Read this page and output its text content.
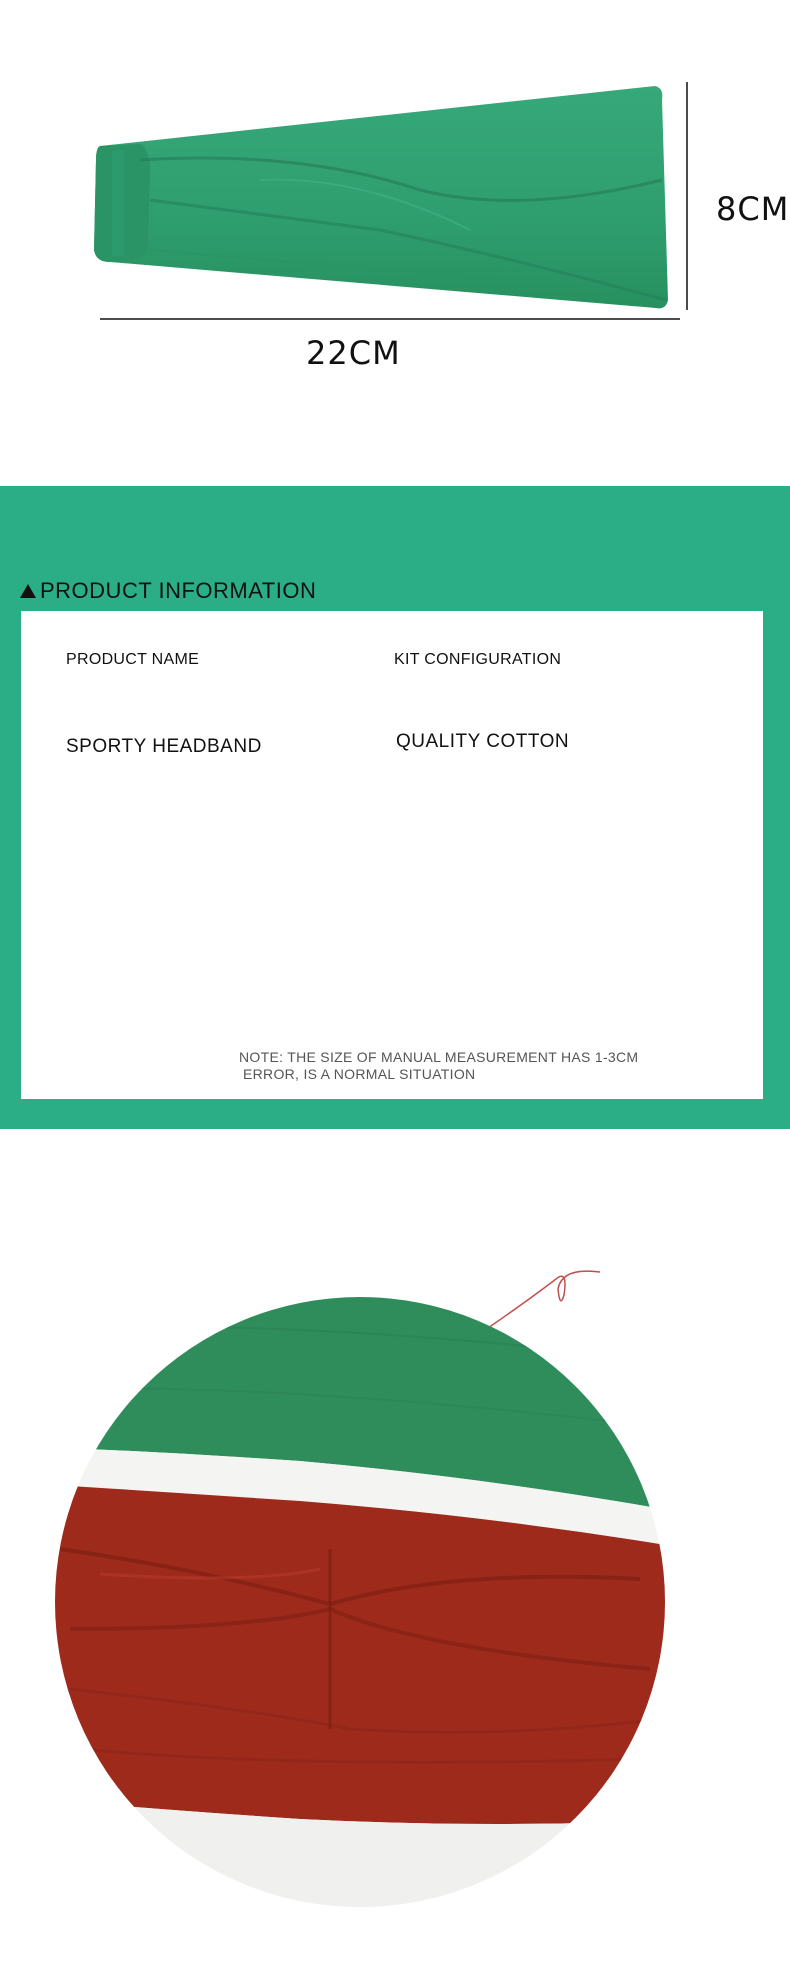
22CM
8CM
PRODUCT INFORMATION
PRODUCT NAME
SPORTY HEADBAND
KIT CONFIGURATION
QUALITY COTTON
NOTE: THE SIZE OF MANUAL MEASUREMENT HAS 1-3CM
ERROR, IS A NORMAL SITUATION
